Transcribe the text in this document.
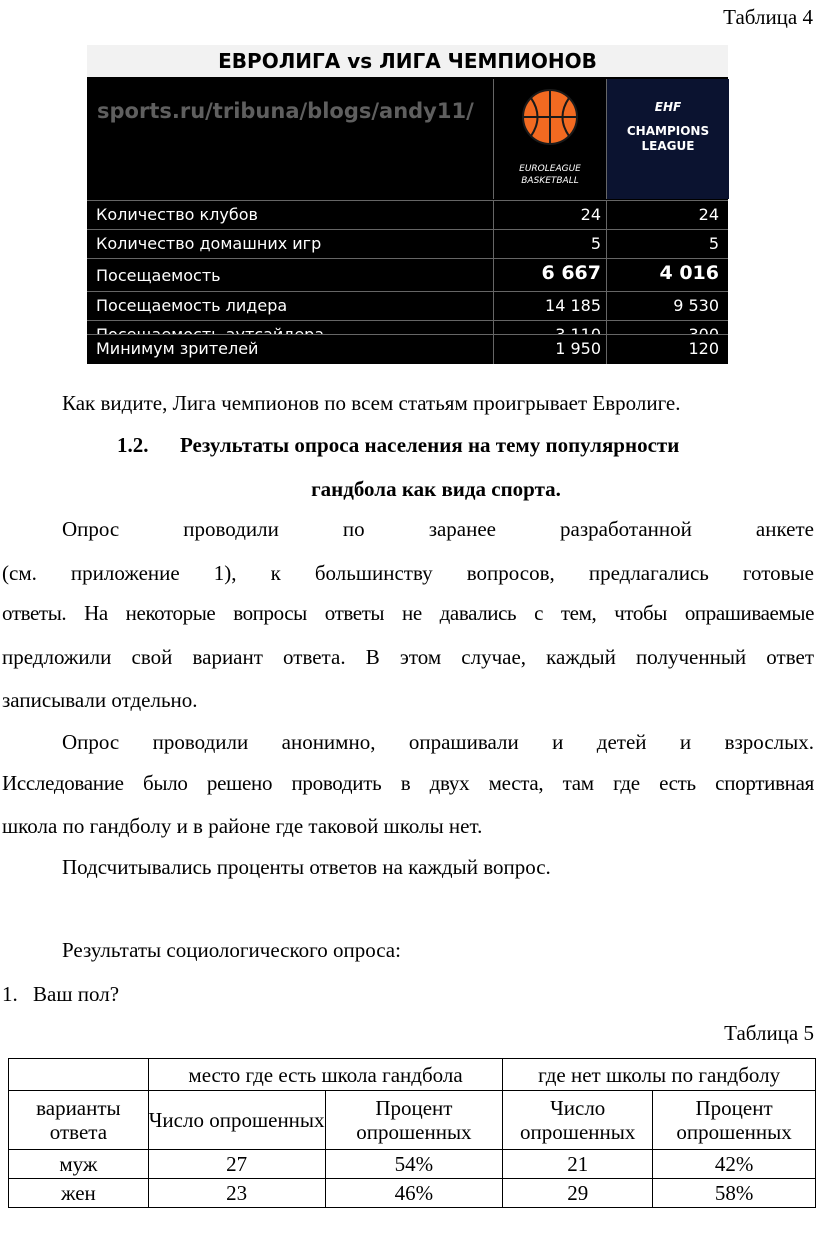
Таблица 4
ЕВРОЛИГА vs ЛИГА ЧЕМПИОНОВ
sports.ru/tribuna/blogs/andy11/
EUROLEAGUE
BASKETBALL
EHF
CHAMPIONS
LEAGUE
Количество клубов	24	24
Количество домашних игр	5	5
Посещаемость	6 667	4 016
Посещаемость лидера	14 185	9 530
Минимум зрителей	1 950	120
Как видите, Лига чемпионов по всем статьям проигрывает Евролиге.
1.2. Результаты опроса населения на тему популярности
гандбола как вида спорта.
Опрос проводили по заранее разработанной анкете
(см. приложение 1), к большинству вопросов, предлагались готовые
ответы. На некоторые вопросы ответы не давались с тем, чтобы опрашиваемые
предложили свой вариант ответа. В этом случае, каждый полученный ответ
записывали отдельно.
Опрос проводили анонимно, опрашивали и детей и взрослых.
Исследование было решено проводить в двух места, там где есть спортивная
школа по гандболу и в районе где таковой школы нет.
Подсчитывались проценты ответов на каждый вопрос.
Результаты социологического опроса:
1. Ваш пол?
Таблица 5
	место где есть школа гандбола		где нет школы по гандболу	
варианты ответа	Число опрошенных	Процент опрошенных	Число опрошенных	Процент опрошенных
муж	27	54%	21	42%
жен	23	46%	29	58%
